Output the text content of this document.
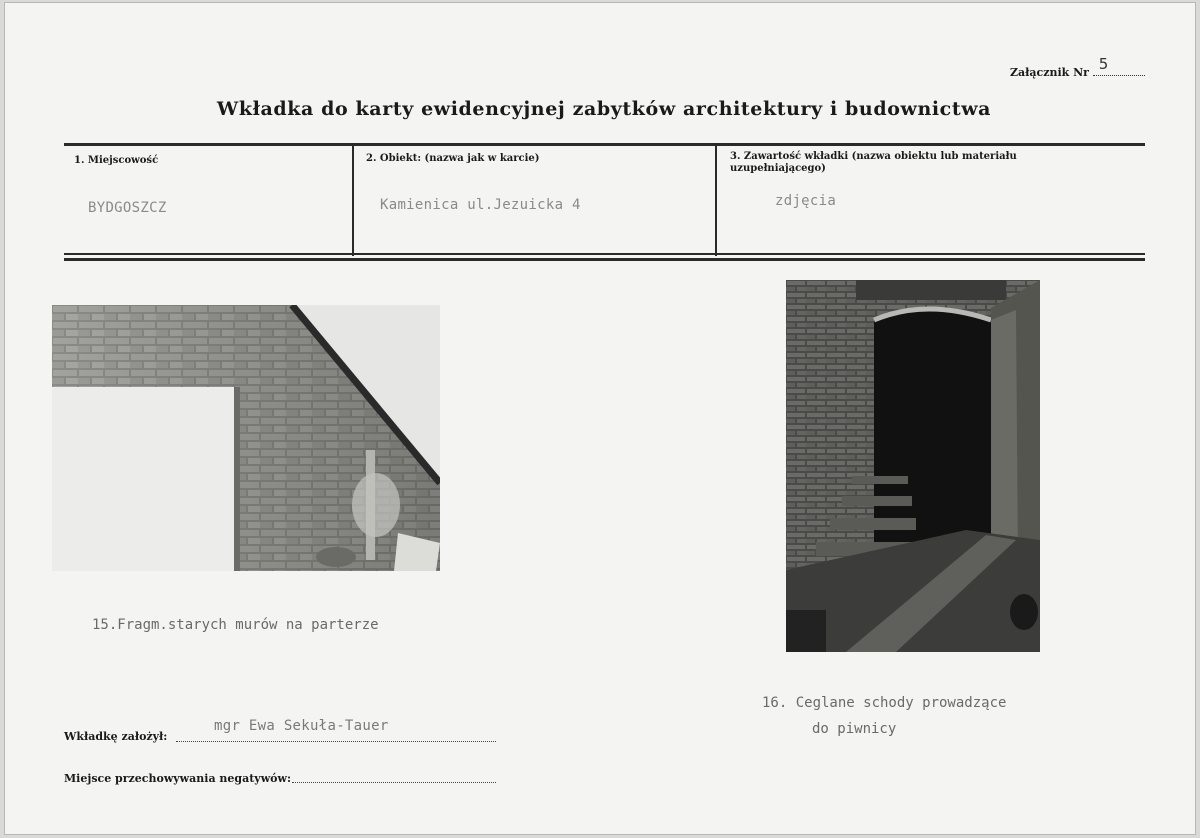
Załącznik Nr 5
Wkładka do karty ewidencyjnej zabytków architektury i budownictwa
1. Miejscowość
BYDGOSZCZ
2. Obiekt: (nazwa jak w karcie)
Kamienica ul.Jezuicka 4
3. Zawartość wkładki (nazwa obiektu lub materiału uzupełniającego)
zdjęcia
15.Fragm.starych murów na parterze
16. Ceglane schody prowadzące
do piwnicy
Wkładkę założył:
mgr Ewa Sekuła-Tauer
Miejsce przechowywania negatywów:
